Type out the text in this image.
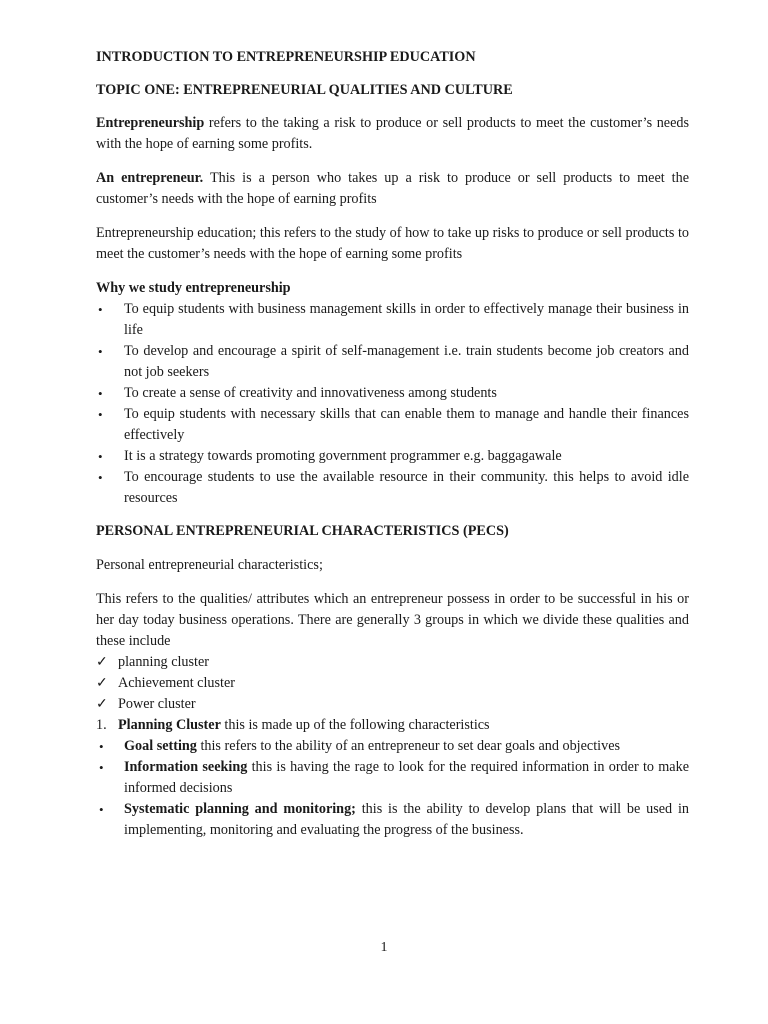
INTRODUCTION TO ENTREPRENEURSHIP EDUCATION

TOPIC ONE: ENTREPRENEURIAL QUALITIES AND CULTURE

Entrepreneurship refers to the taking a risk to produce or sell products to meet the customer’s needs with the hope of earning some profits.

An entrepreneur. This is a person who takes up a risk to produce or sell products to meet the customer’s needs with the hope of earning profits

Entrepreneurship education; this refers to the study of how to take up risks to produce or sell products to meet the customer’s needs with the hope of earning some profits

Why we study entrepreneurship

• To equip students with business management skills in order to effectively manage their business in life
• To develop and encourage a spirit of self-management i.e. train students become job creators and not job seekers
• To create a sense of creativity and innovativeness among students
• To equip students with necessary skills that can enable them to manage and handle their finances effectively
• It is a strategy towards promoting government programmer e.g. baggagawale
• To encourage students to use the available resource in their community. this helps to avoid idle resources

PERSONAL ENTREPRENEURIAL CHARACTERISTICS (PECS)

Personal entrepreneurial characteristics;

This refers to the qualities/ attributes which an entrepreneur possess in order to be successful in his or her day today business operations. There are generally 3 groups in which we divide these qualities and these include

✓ planning cluster
✓ Achievement cluster
✓ Power cluster

1. Planning Cluster this is made up of the following characteristics

• Goal setting this refers to the ability of an entrepreneur to set dear goals and objectives
• Information seeking this is having the rage to look for the required information in order to make informed decisions
• Systematic planning and monitoring; this is the ability to develop plans that will be used in implementing, monitoring and evaluating the progress of the business.
1
